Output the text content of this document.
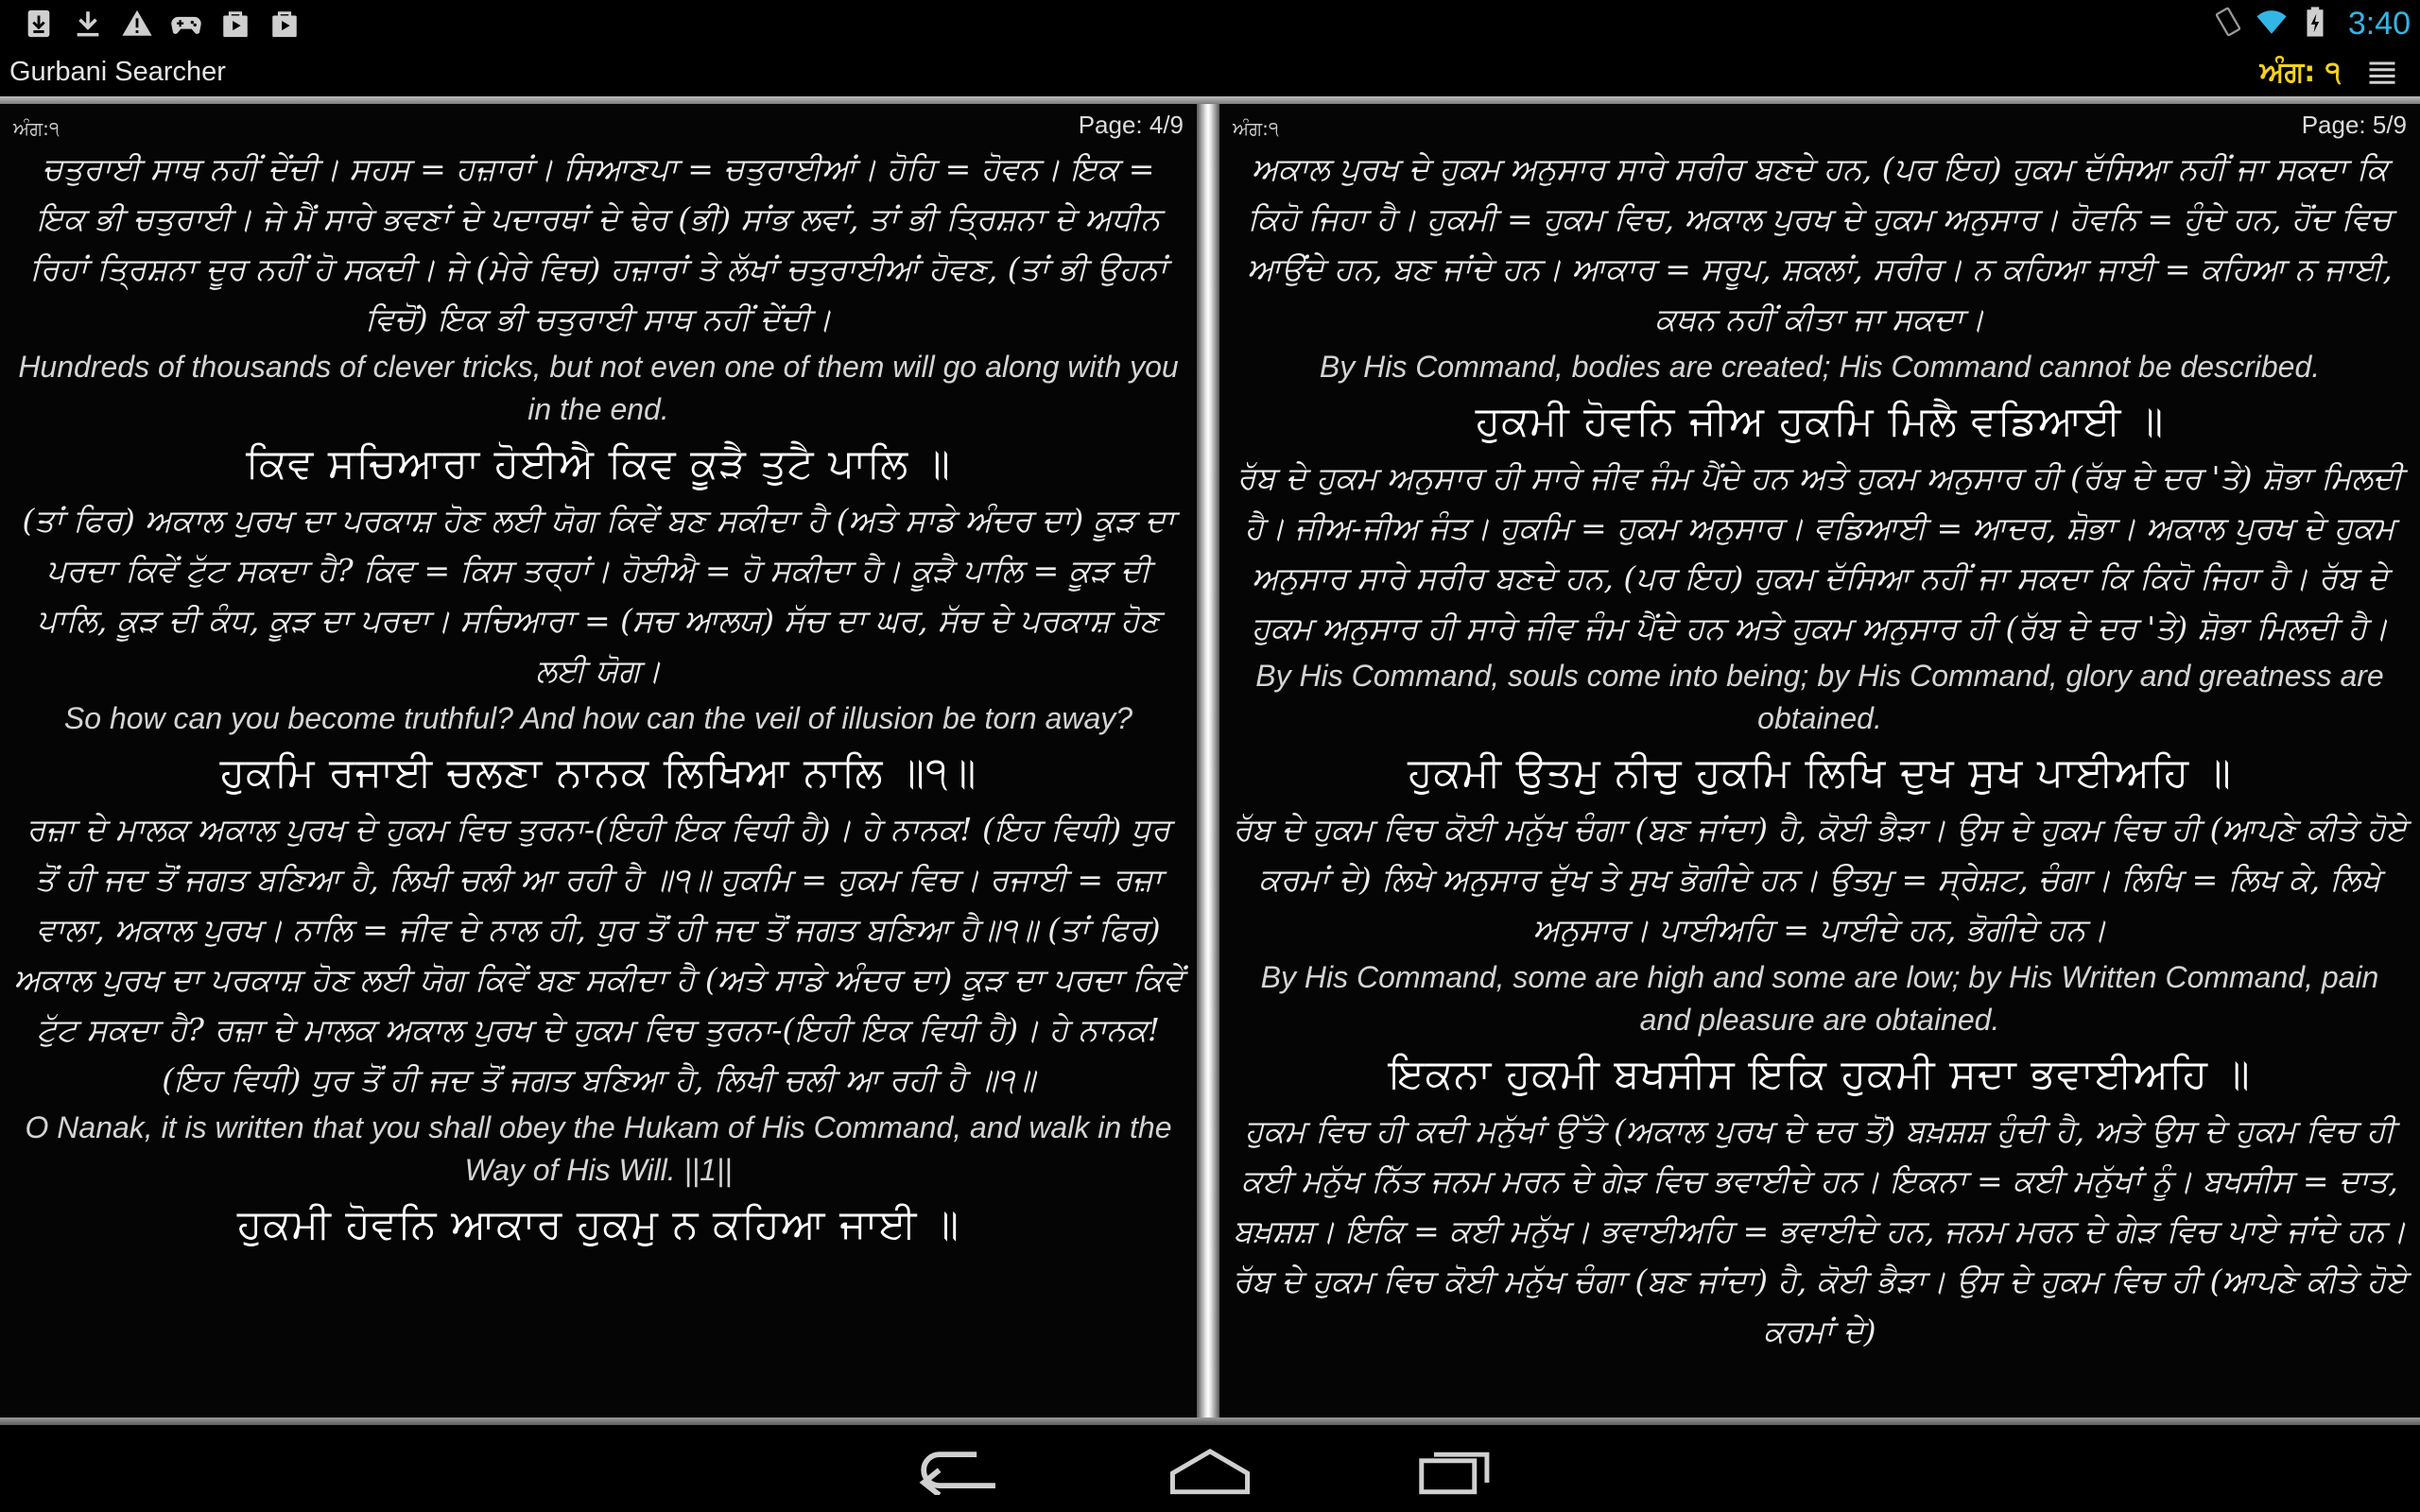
3:40
Gurbani Searcher	ਅੰਗ: ੧
ਅੰਗ:੧	Page: 4/9
ਚਤੁਰਾਈ ਸਾਥ ਨਹੀਂ ਦੇਂਦੀ। ਸਹਸ = ਹਜ਼ਾਰਾਂ। ਸਿਆਣਪਾ = ਚਤੁਰਾਈਆਂ। ਹੋਹਿ = ਹੋਵਨ। ਇਕ = ਇਕ ਭੀ ਚਤੁਰਾਈ। ਜੇ ਮੈਂ ਸਾਰੇ ਭਵਣਾਂ ਦੇ ਪਦਾਰਥਾਂ ਦੇ ਢੇਰ (ਭੀ) ਸਾਂਭ ਲਵਾਂ, ਤਾਂ ਭੀ ਤ੍ਰਿਸ਼ਨਾ ਦੇ ਅਧੀਨ ਰਿਹਾਂ ਤ੍ਰਿਸ਼ਨਾ ਦੂਰ ਨਹੀਂ ਹੋ ਸਕਦੀ। ਜੇ (ਮੇਰੇ ਵਿਚ) ਹਜ਼ਾਰਾਂ ਤੇ ਲੱਖਾਂ ਚਤੁਰਾਈਆਂ ਹੋਵਣ, (ਤਾਂ ਭੀ ਉਹਨਾਂ ਵਿਚੋਂ) ਇਕ ਭੀ ਚਤੁਰਾਈ ਸਾਥ ਨਹੀਂ ਦੇਂਦੀ।
Hundreds of thousands of clever tricks, but not even one of them will go along with you in the end.
ਕਿਵ ਸਚਿਆਰਾ ਹੋਈਐ ਕਿਵ ਕੂੜੈ ਤੁਟੈ ਪਾਲਿ ॥
(ਤਾਂ ਫਿਰ) ਅਕਾਲ ਪੁਰਖ ਦਾ ਪਰਕਾਸ਼ ਹੋਣ ਲਈ ਯੋਗ ਕਿਵੇਂ ਬਣ ਸਕੀਦਾ ਹੈ (ਅਤੇ ਸਾਡੇ ਅੰਦਰ ਦਾ) ਕੂੜ ਦਾ ਪਰਦਾ ਕਿਵੇਂ ਟੁੱਟ ਸਕਦਾ ਹੈ? ਕਿਵ = ਕਿਸ ਤਰ੍ਹਾਂ। ਹੋਈਐ = ਹੋ ਸਕੀਦਾ ਹੈ। ਕੂੜੈ ਪਾਲਿ = ਕੂੜ ਦੀ ਪਾਲਿ, ਕੂੜ ਦੀ ਕੰਧ, ਕੂੜ ਦਾ ਪਰਦਾ। ਸਚਿਆਰਾ = (ਸਚ ਆਲਯ) ਸੱਚ ਦਾ ਘਰ, ਸੱਚ ਦੇ ਪਰਕਾਸ਼ ਹੋਣ ਲਈ ਯੋਗ।
So how can you become truthful? And how can the veil of illusion be torn away?
ਹੁਕਮਿ ਰਜਾਈ ਚਲਣਾ ਨਾਨਕ ਲਿਖਿਆ ਨਾਲਿ ॥੧॥
ਰਜ਼ਾ ਦੇ ਮਾਲਕ ਅਕਾਲ ਪੁਰਖ ਦੇ ਹੁਕਮ ਵਿਚ ਤੁਰਨਾ-(ਇਹੀ ਇਕ ਵਿਧੀ ਹੈ)। ਹੇ ਨਾਨਕ! (ਇਹ ਵਿਧੀ) ਧੁਰ ਤੋਂ ਹੀ ਜਦ ਤੋਂ ਜਗਤ ਬਣਿਆ ਹੈ, ਲਿਖੀ ਚਲੀ ਆ ਰਹੀ ਹੈ ॥੧॥ ਹੁਕਮਿ = ਹੁਕਮ ਵਿਚ। ਰਜਾਈ = ਰਜ਼ਾ ਵਾਲਾ, ਅਕਾਲ ਪੁਰਖ। ਨਾਲਿ = ਜੀਵ ਦੇ ਨਾਲ ਹੀ, ਧੁਰ ਤੋਂ ਹੀ ਜਦ ਤੋਂ ਜਗਤ ਬਣਿਆ ਹੈ॥੧॥ (ਤਾਂ ਫਿਰ) ਅਕਾਲ ਪੁਰਖ ਦਾ ਪਰਕਾਸ਼ ਹੋਣ ਲਈ ਯੋਗ ਕਿਵੇਂ ਬਣ ਸਕੀਦਾ ਹੈ (ਅਤੇ ਸਾਡੇ ਅੰਦਰ ਦਾ) ਕੂੜ ਦਾ ਪਰਦਾ ਕਿਵੇਂ ਟੁੱਟ ਸਕਦਾ ਹੈ? ਰਜ਼ਾ ਦੇ ਮਾਲਕ ਅਕਾਲ ਪੁਰਖ ਦੇ ਹੁਕਮ ਵਿਚ ਤੁਰਨਾ-(ਇਹੀ ਇਕ ਵਿਧੀ ਹੈ)। ਹੇ ਨਾਨਕ! (ਇਹ ਵਿਧੀ) ਧੁਰ ਤੋਂ ਹੀ ਜਦ ਤੋਂ ਜਗਤ ਬਣਿਆ ਹੈ, ਲਿਖੀ ਚਲੀ ਆ ਰਹੀ ਹੈ ॥੧॥
O Nanak, it is written that you shall obey the Hukam of His Command, and walk in the Way of His Will. ||1||
ਹੁਕਮੀ ਹੋਵਨਿ ਆਕਾਰ ਹੁਕਮੁ ਨ ਕਹਿਆ ਜਾਈ ॥
ਅੰਗ:੧	Page: 5/9
ਅਕਾਲ ਪੁਰਖ ਦੇ ਹੁਕਮ ਅਨੁਸਾਰ ਸਾਰੇ ਸਰੀਰ ਬਣਦੇ ਹਨ, (ਪਰ ਇਹ) ਹੁਕਮ ਦੱਸਿਆ ਨਹੀਂ ਜਾ ਸਕਦਾ ਕਿ ਕਿਹੋ ਜਿਹਾ ਹੈ। ਹੁਕਮੀ = ਹੁਕਮ ਵਿਚ, ਅਕਾਲ ਪੁਰਖ ਦੇ ਹੁਕਮ ਅਨੁਸਾਰ। ਹੋਵਨਿ = ਹੁੰਦੇ ਹਨ, ਹੋਂਦ ਵਿਚ ਆਉਂਦੇ ਹਨ, ਬਣ ਜਾਂਦੇ ਹਨ। ਆਕਾਰ = ਸਰੂਪ, ਸ਼ਕਲਾਂ, ਸਰੀਰ। ਨ ਕਹਿਆ ਜਾਈ = ਕਹਿਆ ਨ ਜਾਈ, ਕਥਨ ਨਹੀਂ ਕੀਤਾ ਜਾ ਸਕਦਾ।
By His Command, bodies are created; His Command cannot be described.
ਹੁਕਮੀ ਹੋਵਨਿ ਜੀਅ ਹੁਕਮਿ ਮਿਲੈ ਵਡਿਆਈ ॥
ਰੱਬ ਦੇ ਹੁਕਮ ਅਨੁਸਾਰ ਹੀ ਸਾਰੇ ਜੀਵ ਜੰਮ ਪੈਂਦੇ ਹਨ ਅਤੇ ਹੁਕਮ ਅਨੁਸਾਰ ਹੀ (ਰੱਬ ਦੇ ਦਰ 'ਤੇ) ਸ਼ੋਭਾ ਮਿਲਦੀ ਹੈ। ਜੀਅ-ਜੀਅ ਜੰਤ। ਹੁਕਮਿ = ਹੁਕਮ ਅਨੁਸਾਰ। ਵਡਿਆਈ = ਆਦਰ, ਸ਼ੋਭਾ। ਅਕਾਲ ਪੁਰਖ ਦੇ ਹੁਕਮ ਅਨੁਸਾਰ ਸਾਰੇ ਸਰੀਰ ਬਣਦੇ ਹਨ, (ਪਰ ਇਹ) ਹੁਕਮ ਦੱਸਿਆ ਨਹੀਂ ਜਾ ਸਕਦਾ ਕਿ ਕਿਹੋ ਜਿਹਾ ਹੈ। ਰੱਬ ਦੇ ਹੁਕਮ ਅਨੁਸਾਰ ਹੀ ਸਾਰੇ ਜੀਵ ਜੰਮ ਪੈਂਦੇ ਹਨ ਅਤੇ ਹੁਕਮ ਅਨੁਸਾਰ ਹੀ (ਰੱਬ ਦੇ ਦਰ 'ਤੇ) ਸ਼ੋਭਾ ਮਿਲਦੀ ਹੈ।
By His Command, souls come into being; by His Command, glory and greatness are obtained.
ਹੁਕਮੀ ਉਤਮੁ ਨੀਚੁ ਹੁਕਮਿ ਲਿਖਿ ਦੁਖ ਸੁਖ ਪਾਈਅਹਿ ॥
ਰੱਬ ਦੇ ਹੁਕਮ ਵਿਚ ਕੋਈ ਮਨੁੱਖ ਚੰਗਾ (ਬਣ ਜਾਂਦਾ) ਹੈ, ਕੋਈ ਭੈੜਾ। ਉਸ ਦੇ ਹੁਕਮ ਵਿਚ ਹੀ (ਆਪਣੇ ਕੀਤੇ ਹੋਏ ਕਰਮਾਂ ਦੇ) ਲਿਖੇ ਅਨੁਸਾਰ ਦੁੱਖ ਤੇ ਸੁਖ ਭੋਗੀਦੇ ਹਨ। ਉਤਮੁ = ਸ੍ਰੇਸ਼ਟ, ਚੰਗਾ। ਲਿਖਿ = ਲਿਖ ਕੇ, ਲਿਖੇ ਅਨੁਸਾਰ। ਪਾਈਅਹਿ = ਪਾਈਦੇ ਹਨ, ਭੋਗੀਦੇ ਹਨ।
By His Command, some are high and some are low; by His Written Command, pain and pleasure are obtained.
ਇਕਨਾ ਹੁਕਮੀ ਬਖਸੀਸ ਇਕਿ ਹੁਕਮੀ ਸਦਾ ਭਵਾਈਅਹਿ ॥
ਹੁਕਮ ਵਿਚ ਹੀ ਕਦੀ ਮਨੁੱਖਾਂ ਉੱਤੇ (ਅਕਾਲ ਪੁਰਖ ਦੇ ਦਰ ਤੋਂ) ਬਖ਼ਸ਼ਸ਼ ਹੁੰਦੀ ਹੈ, ਅਤੇ ਉਸ ਦੇ ਹੁਕਮ ਵਿਚ ਹੀ ਕਈ ਮਨੁੱਖ ਨਿੱਤ ਜਨਮ ਮਰਨ ਦੇ ਗੇੜ ਵਿਚ ਭਵਾਈਦੇ ਹਨ। ਇਕਨਾ = ਕਈ ਮਨੁੱਖਾਂ ਨੂੰ। ਬਖਸੀਸ = ਦਾਤ, ਬਖ਼ਸ਼ਸ਼। ਇਕਿ = ਕਈ ਮਨੁੱਖ। ਭਵਾਈਅਹਿ = ਭਵਾਈਦੇ ਹਨ, ਜਨਮ ਮਰਨ ਦੇ ਗੇੜ ਵਿਚ ਪਾਏ ਜਾਂਦੇ ਹਨ। ਰੱਬ ਦੇ ਹੁਕਮ ਵਿਚ ਕੋਈ ਮਨੁੱਖ ਚੰਗਾ (ਬਣ ਜਾਂਦਾ) ਹੈ, ਕੋਈ ਭੈੜਾ। ਉਸ ਦੇ ਹੁਕਮ ਵਿਚ ਹੀ (ਆਪਣੇ ਕੀਤੇ ਹੋਏ ਕਰਮਾਂ ਦੇ)
